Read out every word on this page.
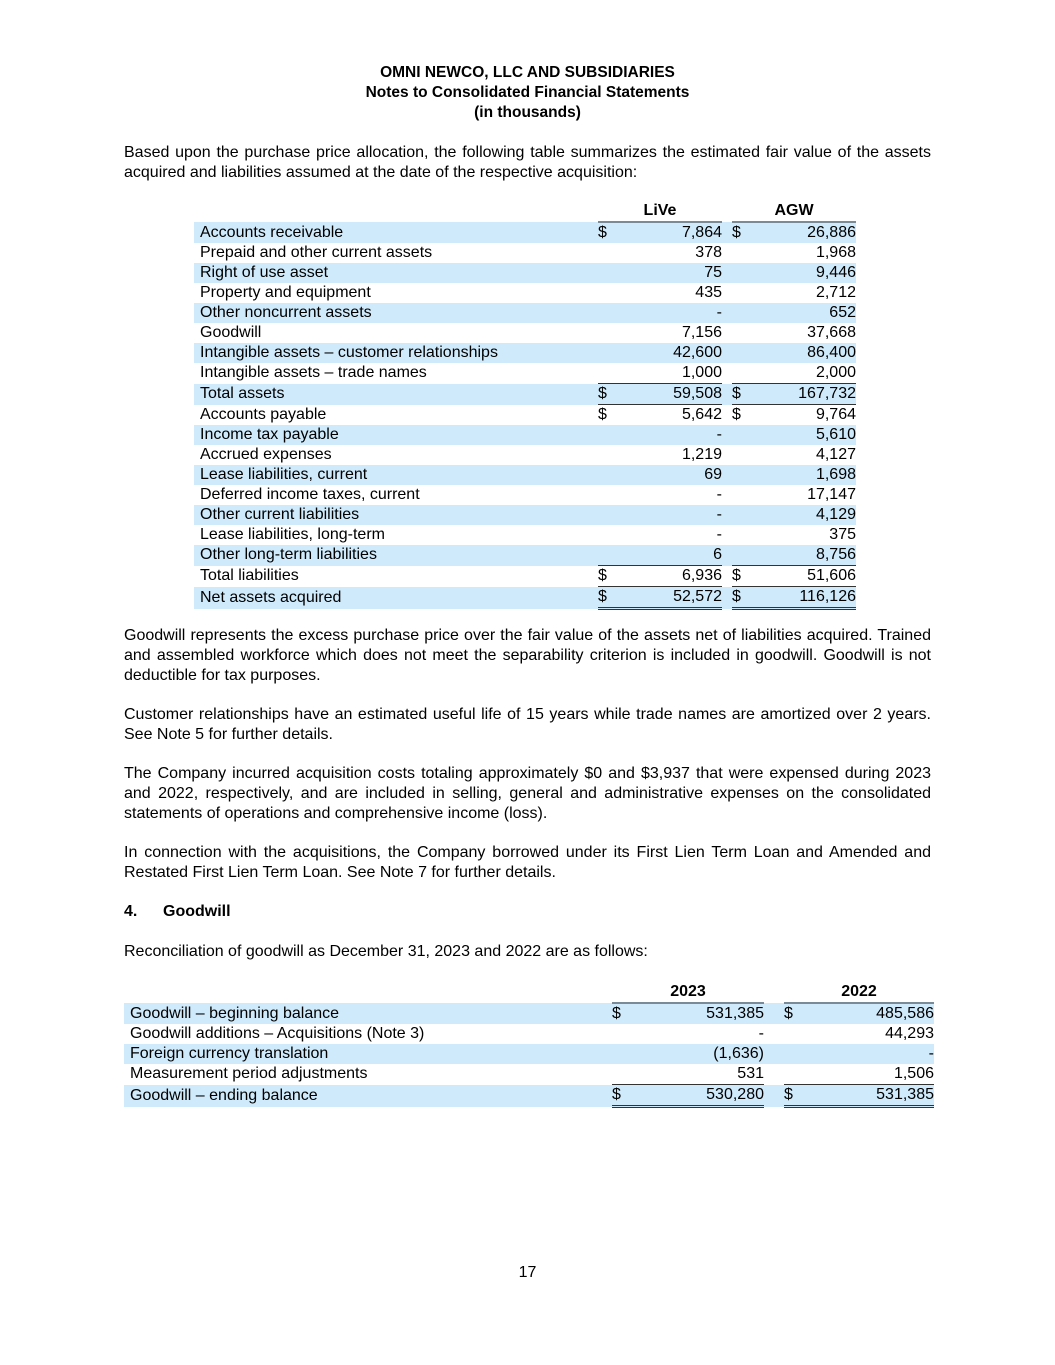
OMNI NEWCO, LLC AND SUBSIDIARIES
Notes to Consolidated Financial Statements
(in thousands)
Based upon the purchase price allocation, the following table summarizes the estimated fair value of the assets acquired and liabilities assumed at the date of the respective acquisition:
	LiVe			AGW	
Accounts receivable	$	7,864		$	26,886
Prepaid and other current assets		378			1,968
Right of use asset		75			9,446
Property and equipment		435			2,712
Other noncurrent assets		-			652
Goodwill		7,156			37,668
Intangible assets – customer relationships		42,600			86,400
Intangible assets – trade names		1,000			2,000
Total assets	$	59,508		$	167,732
Accounts payable	$	5,642		$	9,764
Income tax payable		-			5,610
Accrued expenses		1,219			4,127
Lease liabilities, current		69			1,698
Deferred income taxes, current		-			17,147
Other current liabilities		-			4,129
Lease liabilities, long-term		-			375
Other long-term liabilities		6			8,756
Total liabilities	$	6,936		$	51,606
Net assets acquired	$	52,572		$	116,126
Goodwill represents the excess purchase price over the fair value of the assets net of liabilities acquired. Trained and assembled workforce which does not meet the separability criterion is included in goodwill. Goodwill is not deductible for tax purposes.
Customer relationships have an estimated useful life of 15 years while trade names are amortized over 2 years. See Note 5 for further details.
The Company incurred acquisition costs totaling approximately $0 and $3,937 that were expensed during 2023 and 2022, respectively, and are included in selling, general and administrative expenses on the consolidated statements of operations and comprehensive income (loss).
In connection with the acquisitions, the Company borrowed under its First Lien Term Loan and Amended and Restated First Lien Term Loan. See Note 7 for further details.
4. Goodwill
Reconciliation of goodwill as December 31, 2023 and 2022 are as follows:
	2023			2022	
Goodwill – beginning balance	$	531,385		$	485,586
Goodwill additions – Acquisitions (Note 3)		-			44,293
Foreign currency translation		(1,636)			-
Measurement period adjustments		531			1,506
Goodwill – ending balance	$	530,280		$	531,385
17
